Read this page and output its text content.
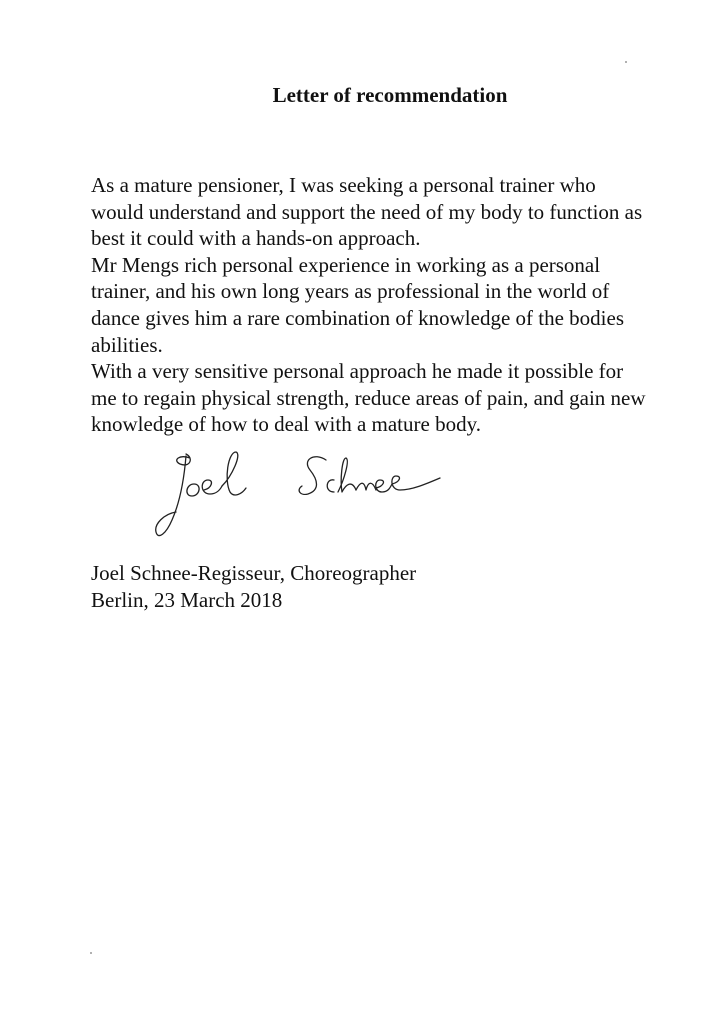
Letter of recommendation
As a mature pensioner, I was seeking a personal trainer who
would understand and support the need of my body to function as
best it could with a hands-on approach.
Mr Mengs rich personal experience in working as a personal
trainer, and his own long years as professional in the world of
dance gives him a rare combination of knowledge of the bodies
abilities.
With a very sensitive personal approach he made it possible for
me to regain physical strength, reduce areas of pain, and gain new
knowledge of how to deal with a mature body.
Joel Schnee-Regisseur, Choreographer
Berlin, 23 March 2018
